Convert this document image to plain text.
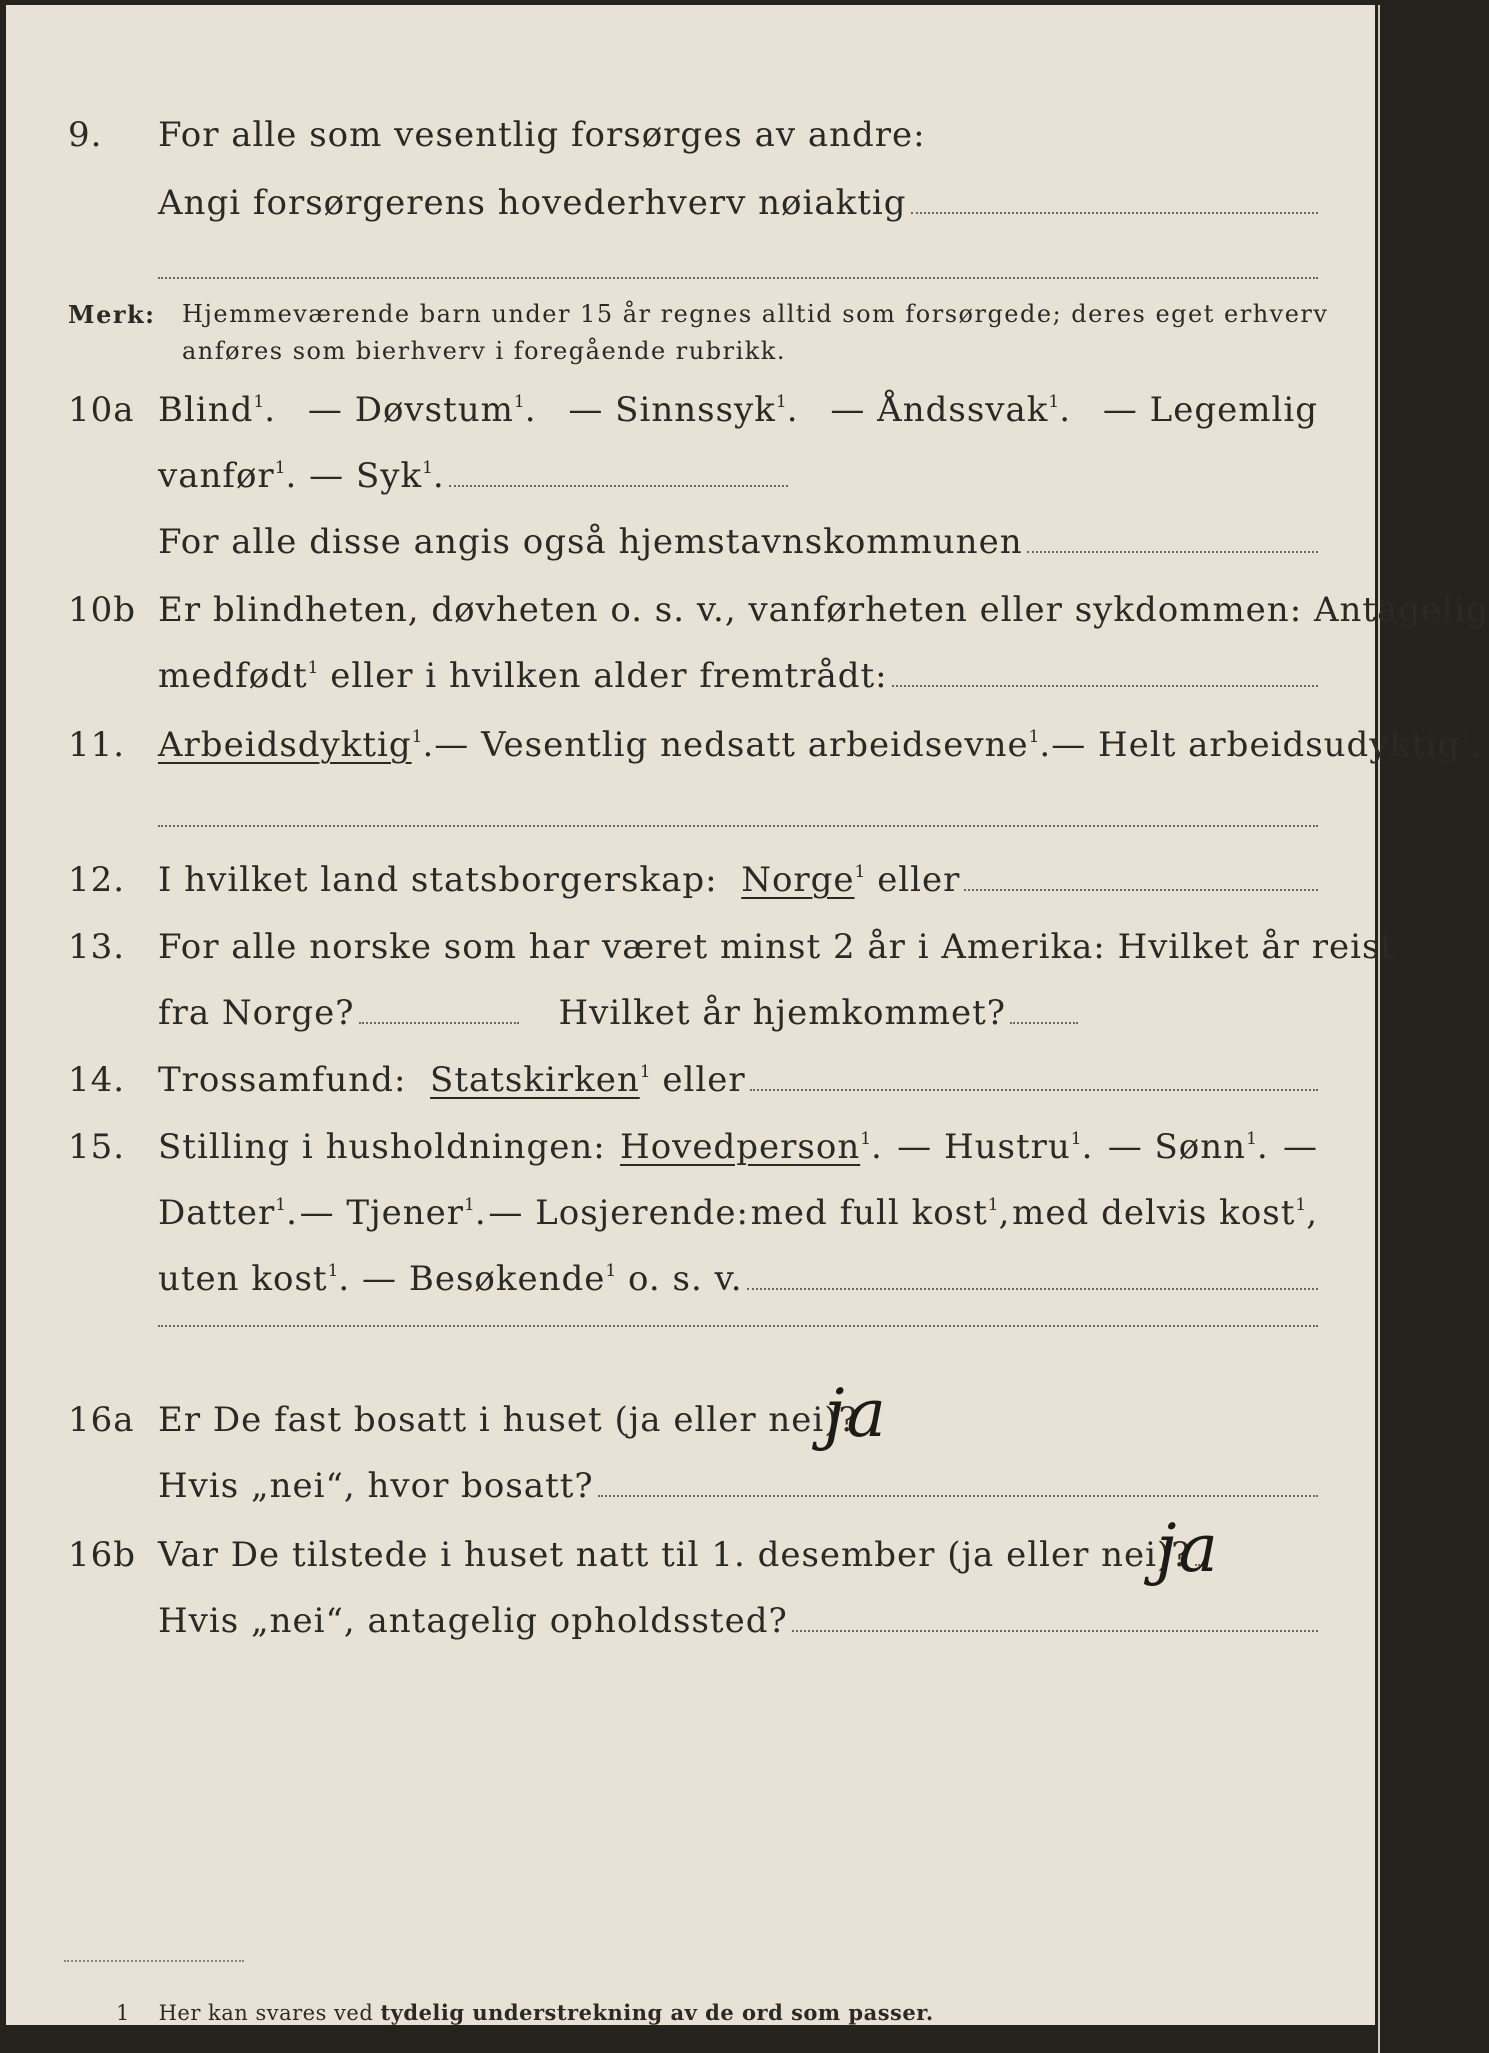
9. For alle som vesentlig forsørges av andre:
Angi forsørgerens hovederhverv nøiaktig
Merk: Hjemmeværende barn under 15 år regnes alltid som forsørgede; deres eget erhverv
anføres som bierhverv i foregående rubrikk.
10a Blind$^1$. — Døvstum$^1$. — Sinnssyk$^1$. — Åndssvak$^1$. — Legemlig
vanfør$^1$. — Syk$^1$.
For alle disse angis også hjemstavnskommunen
10b Er blindheten, døvheten o. s. v., vanførheten eller sykdommen: Antagelig
medfødt$^1$ eller i hvilken alder fremtrådt:
11. Arbeidsdyktig$^1$. — Vesentlig nedsatt arbeidsevne$^1$. — Helt arbeidsudyktig$^1$.
12. I hvilket land statsborgerskap:
Norge$^1$ eller
13. For alle norske som har været minst 2 år i Amerika: Hvilket år reist
fra Norge?	Hvilket år hjemkommet?
14. Trossamfund:
Statskirken$^1$ eller
15. Stilling i husholdningen: Hovedperson$^1$. — Hustru$^1$. — Sønn$^1$. —
Datter$^1$. — Tjener$^1$. — Losjerende: med full kost$^1$, med delvis kost$^1$,
uten kost$^1$. — Besøkende$^1$ o. s. v.
16a Er De fast bosatt i huset (ja eller nei)?
Hvis „nei“, hvor bosatt?
ja
16b Var De tilstede i huset natt til 1. desember (ja eller nei)?
Hvis „nei“, antagelig opholdssted?
ja
1 Her kan svares ved tydelig understrekning av de ord som passer.
